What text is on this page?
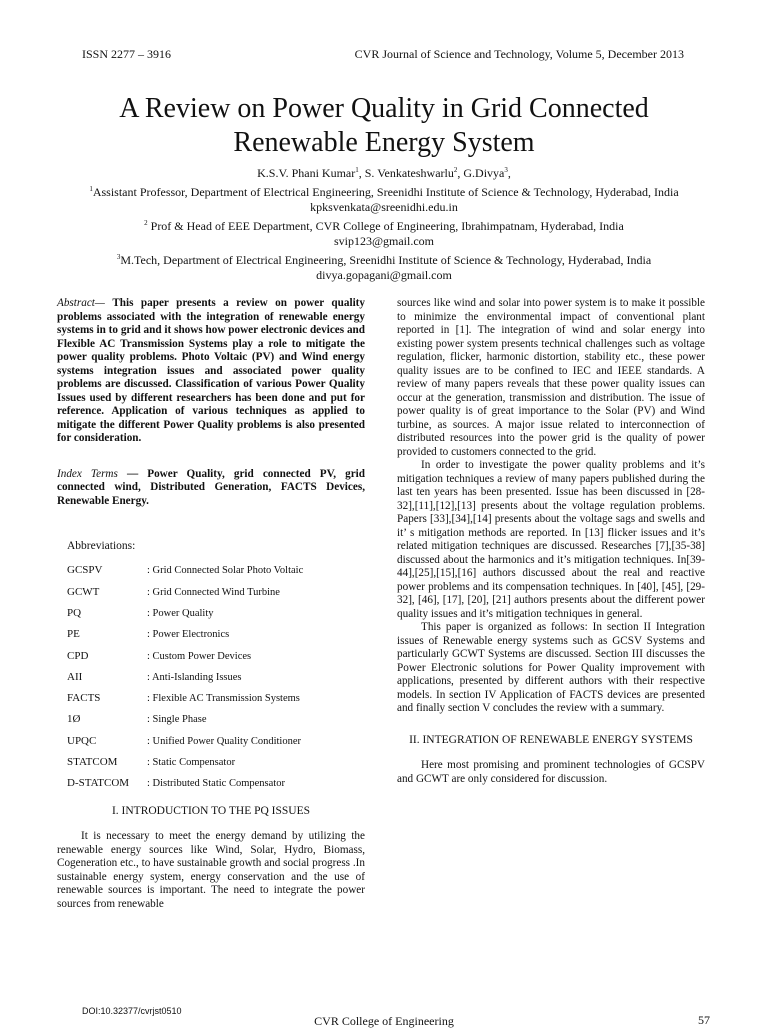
ISSN 2277 – 3916	CVR Journal of Science and Technology, Volume 5, December 2013
A Review on Power Quality in Grid Connected
Renewable Energy System
K.S.V. Phani Kumar$^1$, S. Venkateshwarlu$^2$, G.Divya$^3$,
$^1$Assistant Professor, Department of Electrical Engineering, Sreenidhi Institute of Science & Technology, Hyderabad, India
kpksvenkata@sreenidhi.edu.in
$^2$ Prof & Head of EEE Department, CVR College of Engineering, Ibrahimpatnam, Hyderabad, India
svip123@gmail.com
$^3$M.Tech, Department of Electrical Engineering, Sreenidhi Institute of Science & Technology, Hyderabad, India
divya.gopagani@gmail.com

Abstract— This paper presents a review on power quality problems associated with the integration of renewable energy systems in to grid and it shows how power electronic devices and Flexible AC Transmission Systems play a role to mitigate the power quality problems. Photo Voltaic (PV) and Wind energy systems integration issues and associated power quality problems are discussed. Classification of various Power Quality Issues used by different researchers has been done and put for reference. Application of various techniques as applied to mitigate the different Power Quality problems is also presented for consideration.

Index Terms — Power Quality, grid connected PV, grid connected wind, Distributed Generation, FACTS Devices, Renewable Energy.

Abbreviations:
GCSPV	: Grid Connected Solar Photo Voltaic
GCWT	: Grid Connected Wind Turbine
PQ	: Power Quality
PE	: Power Electronics
CPD	: Custom Power Devices
AII	: Anti-Islanding Issues
FACTS	: Flexible AC Transmission Systems
1Ø	: Single Phase
UPQC	: Unified Power Quality Conditioner
STATCOM	: Static Compensator
D-STATCOM	: Distributed Static Compensator
I. INTRODUCTION TO THE PQ ISSUES

It is necessary to meet the energy demand by utilizing the renewable energy sources like Wind, Solar, Hydro, Biomass, Cogeneration etc., to have sustainable growth and social progress .In sustainable energy system, energy conservation and the use of renewable sources is important. The need to integrate the power sources from renewable

sources like wind and solar into power system is to make it possible to minimize the environmental impact of conventional plant reported in [1]. The integration of wind and solar energy into existing power system presents technical challenges such as voltage regulation, flicker, harmonic distortion, stability etc., these power quality issues are to be confined to IEC and IEEE standards. A review of many papers reveals that these power quality issues can occur at the generation, transmission and distribution. The issue of power quality is of great importance to the Solar (PV) and Wind turbine, as sources. A major issue related to interconnection of distributed resources into the power grid is the quality of power provided to customers connected to the grid.

In order to investigate the power quality problems and it’s mitigation techniques a review of many papers published during the last ten years has been presented. Issue has been discussed in [28-32],[11],[12],[13] presents about the voltage regulation problems. Papers [33],[34],[14] presents about the voltage sags and swells and it’ s mitigation methods are reported. In [13] flicker issues and it’s related mitigation techniques are discussed. Researches [7],[35-38] discussed about the harmonics and it’s mitigation techniques. In[39-44],[25],[15],[16] authors discussed about the real and reactive power problems and its compensation techniques. In [40], [45], [29-32], [46], [17], [20], [21] authors presents about the different power quality issues and it’s mitigation techniques in general.

This paper is organized as follows: In section II Integration issues of Renewable energy systems such as GCSV Systems and particularly GCWT Systems are discussed. Section III discusses the Power Electronic solutions for Power Quality improvement with applications, presented by different authors with their respective models. In section IV Application of FACTS devices are presented and finally section V concludes the review with a summary.

II. INTEGRATION OF RENEWABLE ENERGY SYSTEMS

Here most promising and prominent technologies of GCSPV and GCWT are only considered for discussion.

DOI:10.32377/cvrjst0510
CVR College of Engineering	57
